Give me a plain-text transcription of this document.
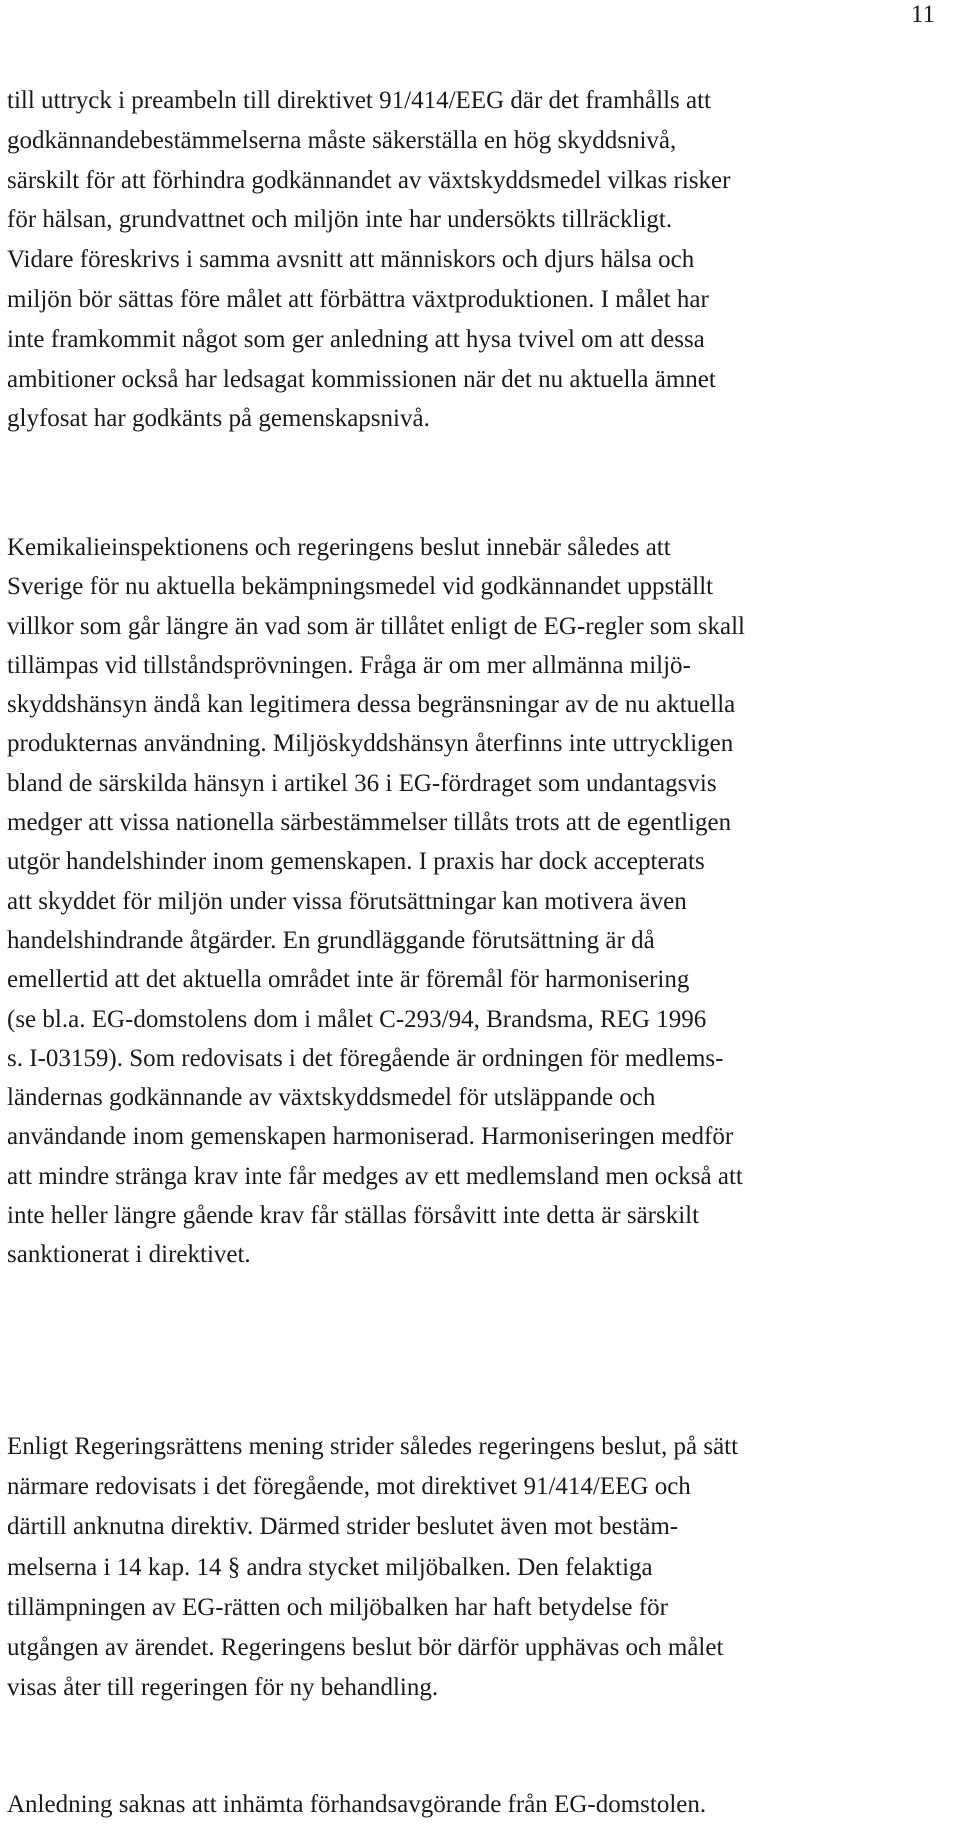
11
till uttryck i preambeln till direktivet 91/414/EEG där det framhålls att
godkännandebestämmelserna måste säkerställa en hög skyddsnivå,
särskilt för att förhindra godkännandet av växtskyddsmedel vilkas risker
för hälsan, grundvattnet och miljön inte har undersökts tillräckligt.
Vidare föreskrivs i samma avsnitt att människors och djurs hälsa och
miljön bör sättas före målet att förbättra växtproduktionen. I målet har
inte framkommit något som ger anledning att hysa tvivel om att dessa
ambitioner också har ledsagat kommissionen när det nu aktuella ämnet
glyfosat har godkänts på gemenskapsnivå.
Kemikalieinspektionens och regeringens beslut innebär således att
Sverige för nu aktuella bekämpningsmedel vid godkännandet uppställt
villkor som går längre än vad som är tillåtet enligt de EG-regler som skall
tillämpas vid tillståndsprövningen. Fråga är om mer allmänna miljö-
skyddshänsyn ändå kan legitimera dessa begränsningar av de nu aktuella
produkternas användning. Miljöskyddshänsyn återfinns inte uttryckligen
bland de särskilda hänsyn i artikel 36 i EG-fördraget som undantagsvis
medger att vissa nationella särbestämmelser tillåts trots att de egentligen
utgör handelshinder inom gemenskapen. I praxis har dock accepterats
att skyddet för miljön under vissa förutsättningar kan motivera även
handelshindrande åtgärder. En grundläggande förutsättning är då
emellertid att det aktuella området inte är föremål för harmonisering
(se bl.a. EG-domstolens dom i målet C-293/94, Brandsma, REG 1996
s. I-03159). Som redovisats i det föregående är ordningen för medlems-
ländernas godkännande av växtskyddsmedel för utsläppande och
användande inom gemenskapen harmoniserad. Harmoniseringen medför
att mindre stränga krav inte får medges av ett medlemsland men också att
inte heller längre gående krav får ställas försåvitt inte detta är särskilt
sanktionerat i direktivet.
Enligt Regeringsrättens mening strider således regeringens beslut, på sätt
närmare redovisats i det föregående, mot direktivet 91/414/EEG och
därtill anknutna direktiv. Därmed strider beslutet även mot bestäm-
melserna i 14 kap. 14 § andra stycket miljöbalken. Den felaktiga
tillämpningen av EG-rätten och miljöbalken har haft betydelse för
utgången av ärendet. Regeringens beslut bör därför upphävas och målet
visas åter till regeringen för ny behandling.
Anledning saknas att inhämta förhandsavgörande från EG-domstolen.
